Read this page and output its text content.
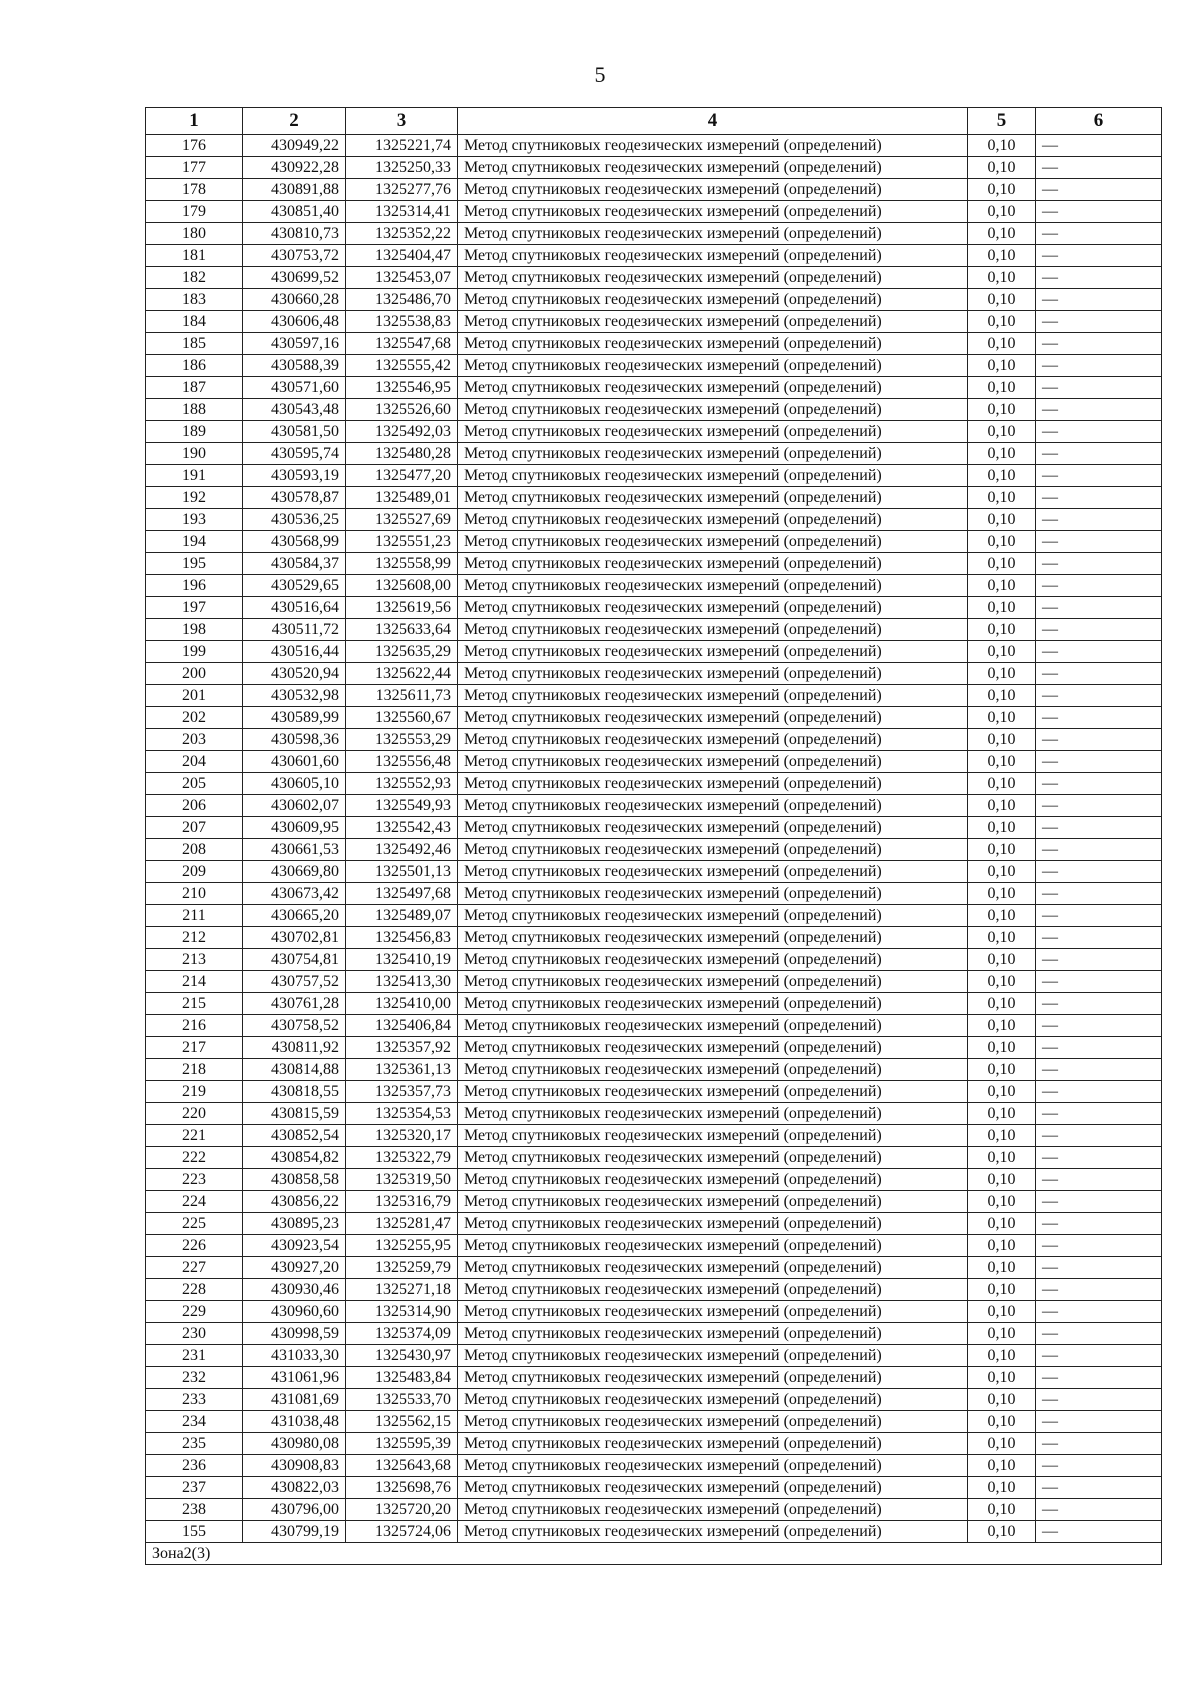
5
1	2	3	4	5	6
176	430949,22	1325221,74	Метод спутниковых геодезических измерений (определений)	0,10	—
177	430922,28	1325250,33	Метод спутниковых геодезических измерений (определений)	0,10	—
178	430891,88	1325277,76	Метод спутниковых геодезических измерений (определений)	0,10	—
179	430851,40	1325314,41	Метод спутниковых геодезических измерений (определений)	0,10	—
180	430810,73	1325352,22	Метод спутниковых геодезических измерений (определений)	0,10	—
181	430753,72	1325404,47	Метод спутниковых геодезических измерений (определений)	0,10	—
182	430699,52	1325453,07	Метод спутниковых геодезических измерений (определений)	0,10	—
183	430660,28	1325486,70	Метод спутниковых геодезических измерений (определений)	0,10	—
184	430606,48	1325538,83	Метод спутниковых геодезических измерений (определений)	0,10	—
185	430597,16	1325547,68	Метод спутниковых геодезических измерений (определений)	0,10	—
186	430588,39	1325555,42	Метод спутниковых геодезических измерений (определений)	0,10	—
187	430571,60	1325546,95	Метод спутниковых геодезических измерений (определений)	0,10	—
188	430543,48	1325526,60	Метод спутниковых геодезических измерений (определений)	0,10	—
189	430581,50	1325492,03	Метод спутниковых геодезических измерений (определений)	0,10	—
190	430595,74	1325480,28	Метод спутниковых геодезических измерений (определений)	0,10	—
191	430593,19	1325477,20	Метод спутниковых геодезических измерений (определений)	0,10	—
192	430578,87	1325489,01	Метод спутниковых геодезических измерений (определений)	0,10	—
193	430536,25	1325527,69	Метод спутниковых геодезических измерений (определений)	0,10	—
194	430568,99	1325551,23	Метод спутниковых геодезических измерений (определений)	0,10	—
195	430584,37	1325558,99	Метод спутниковых геодезических измерений (определений)	0,10	—
196	430529,65	1325608,00	Метод спутниковых геодезических измерений (определений)	0,10	—
197	430516,64	1325619,56	Метод спутниковых геодезических измерений (определений)	0,10	—
198	430511,72	1325633,64	Метод спутниковых геодезических измерений (определений)	0,10	—
199	430516,44	1325635,29	Метод спутниковых геодезических измерений (определений)	0,10	—
200	430520,94	1325622,44	Метод спутниковых геодезических измерений (определений)	0,10	—
201	430532,98	1325611,73	Метод спутниковых геодезических измерений (определений)	0,10	—
202	430589,99	1325560,67	Метод спутниковых геодезических измерений (определений)	0,10	—
203	430598,36	1325553,29	Метод спутниковых геодезических измерений (определений)	0,10	—
204	430601,60	1325556,48	Метод спутниковых геодезических измерений (определений)	0,10	—
205	430605,10	1325552,93	Метод спутниковых геодезических измерений (определений)	0,10	—
206	430602,07	1325549,93	Метод спутниковых геодезических измерений (определений)	0,10	—
207	430609,95	1325542,43	Метод спутниковых геодезических измерений (определений)	0,10	—
208	430661,53	1325492,46	Метод спутниковых геодезических измерений (определений)	0,10	—
209	430669,80	1325501,13	Метод спутниковых геодезических измерений (определений)	0,10	—
210	430673,42	1325497,68	Метод спутниковых геодезических измерений (определений)	0,10	—
211	430665,20	1325489,07	Метод спутниковых геодезических измерений (определений)	0,10	—
212	430702,81	1325456,83	Метод спутниковых геодезических измерений (определений)	0,10	—
213	430754,81	1325410,19	Метод спутниковых геодезических измерений (определений)	0,10	—
214	430757,52	1325413,30	Метод спутниковых геодезических измерений (определений)	0,10	—
215	430761,28	1325410,00	Метод спутниковых геодезических измерений (определений)	0,10	—
216	430758,52	1325406,84	Метод спутниковых геодезических измерений (определений)	0,10	—
217	430811,92	1325357,92	Метод спутниковых геодезических измерений (определений)	0,10	—
218	430814,88	1325361,13	Метод спутниковых геодезических измерений (определений)	0,10	—
219	430818,55	1325357,73	Метод спутниковых геодезических измерений (определений)	0,10	—
220	430815,59	1325354,53	Метод спутниковых геодезических измерений (определений)	0,10	—
221	430852,54	1325320,17	Метод спутниковых геодезических измерений (определений)	0,10	—
222	430854,82	1325322,79	Метод спутниковых геодезических измерений (определений)	0,10	—
223	430858,58	1325319,50	Метод спутниковых геодезических измерений (определений)	0,10	—
224	430856,22	1325316,79	Метод спутниковых геодезических измерений (определений)	0,10	—
225	430895,23	1325281,47	Метод спутниковых геодезических измерений (определений)	0,10	—
226	430923,54	1325255,95	Метод спутниковых геодезических измерений (определений)	0,10	—
227	430927,20	1325259,79	Метод спутниковых геодезических измерений (определений)	0,10	—
228	430930,46	1325271,18	Метод спутниковых геодезических измерений (определений)	0,10	—
229	430960,60	1325314,90	Метод спутниковых геодезических измерений (определений)	0,10	—
230	430998,59	1325374,09	Метод спутниковых геодезических измерений (определений)	0,10	—
231	431033,30	1325430,97	Метод спутниковых геодезических измерений (определений)	0,10	—
232	431061,96	1325483,84	Метод спутниковых геодезических измерений (определений)	0,10	—
233	431081,69	1325533,70	Метод спутниковых геодезических измерений (определений)	0,10	—
234	431038,48	1325562,15	Метод спутниковых геодезических измерений (определений)	0,10	—
235	430980,08	1325595,39	Метод спутниковых геодезических измерений (определений)	0,10	—
236	430908,83	1325643,68	Метод спутниковых геодезических измерений (определений)	0,10	—
237	430822,03	1325698,76	Метод спутниковых геодезических измерений (определений)	0,10	—
238	430796,00	1325720,20	Метод спутниковых геодезических измерений (определений)	0,10	—
155	430799,19	1325724,06	Метод спутниковых геодезических измерений (определений)	0,10	—
Зона2(3)					
